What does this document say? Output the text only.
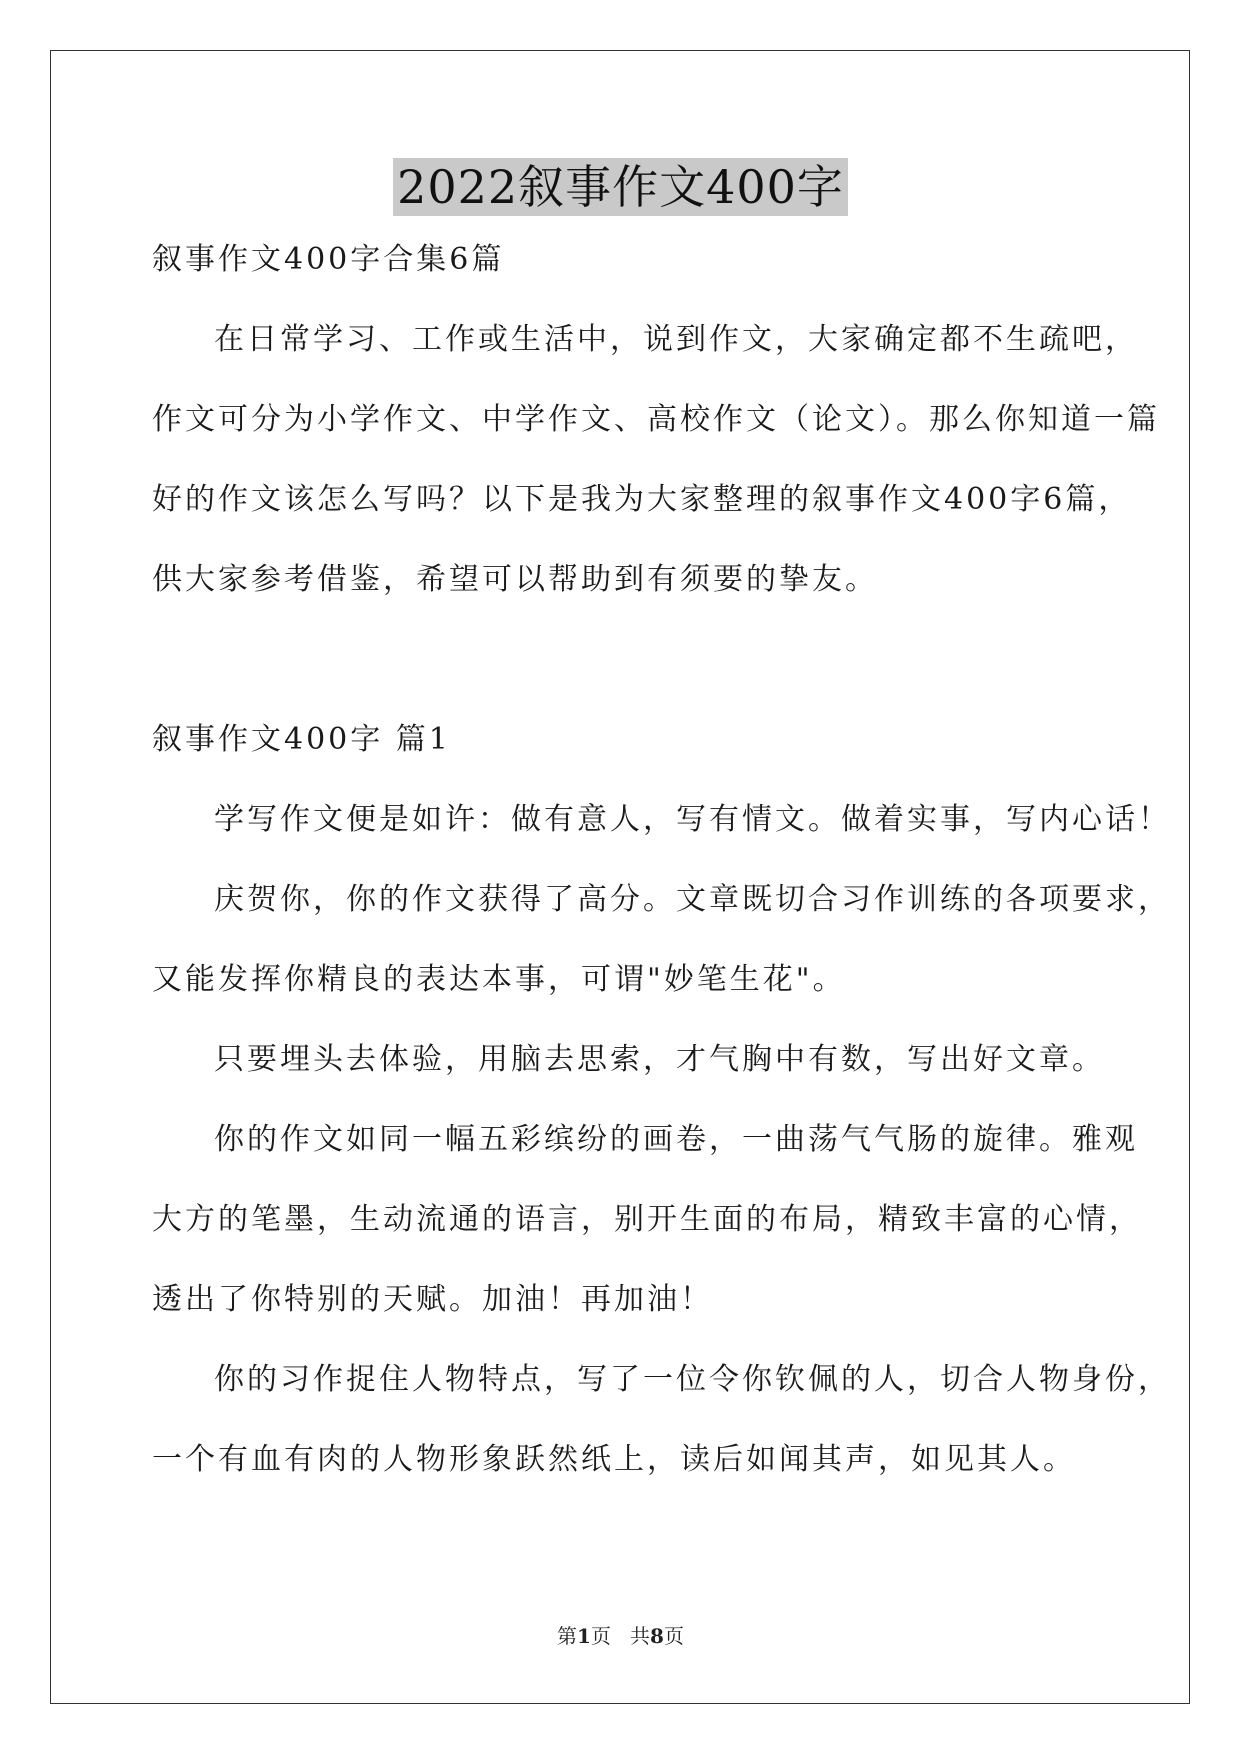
2022叙事作文400字
叙事作文400字合集6篇
在日常学习、工作或生活中，说到作文，大家确定都不生疏吧，
作文可分为小学作文、中学作文、高校作文（论文）。那么你知道一篇
好的作文该怎么写吗？以下是我为大家整理的叙事作文400字6篇，
供大家参考借鉴，希望可以帮助到有须要的挚友。
叙事作文400字 篇1
学写作文便是如许：做有意人，写有情文。做着实事，写内心话！
庆贺你，你的作文获得了高分。文章既切合习作训练的各项要求，
又能发挥你精良的表达本事，可谓"妙笔生花"。
只要埋头去体验，用脑去思索，才气胸中有数，写出好文章。
你的作文如同一幅五彩缤纷的画卷，一曲荡气气肠的旋律。雅观
大方的笔墨，生动流通的语言，别开生面的布局，精致丰富的心情，
透出了你特别的天赋。加油！再加油！
你的习作捉住人物特点，写了一位令你钦佩的人，切合人物身份，
一个有血有肉的人物形象跃然纸上，读后如闻其声，如见其人。
第1页 共8页
